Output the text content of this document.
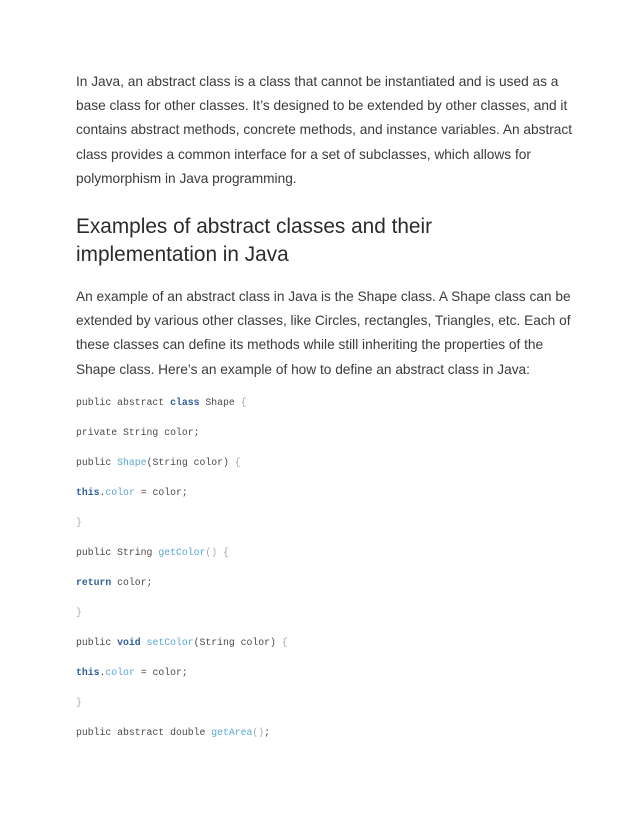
In Java, an abstract class is a class that cannot be instantiated and is used as a base class for other classes. It’s designed to be extended by other classes, and it contains abstract methods, concrete methods, and instance variables. An abstract class provides a common interface for a set of subclasses, which allows for polymorphism in Java programming.

Examples of abstract classes and their implementation in Java

An example of an abstract class in Java is the Shape class. A Shape class can be extended by various other classes, like Circles, rectangles, Triangles, etc. Each of these classes can define its methods while still inheriting the properties of the Shape class. Here’s an example of how to define an abstract class in Java:

public abstract class Shape {
private String color;
public Shape(String color) {
this.color = color;
}
public String getColor() {
return color;
}
public void setColor(String color) {
this.color = color;
}
public abstract double getArea();
